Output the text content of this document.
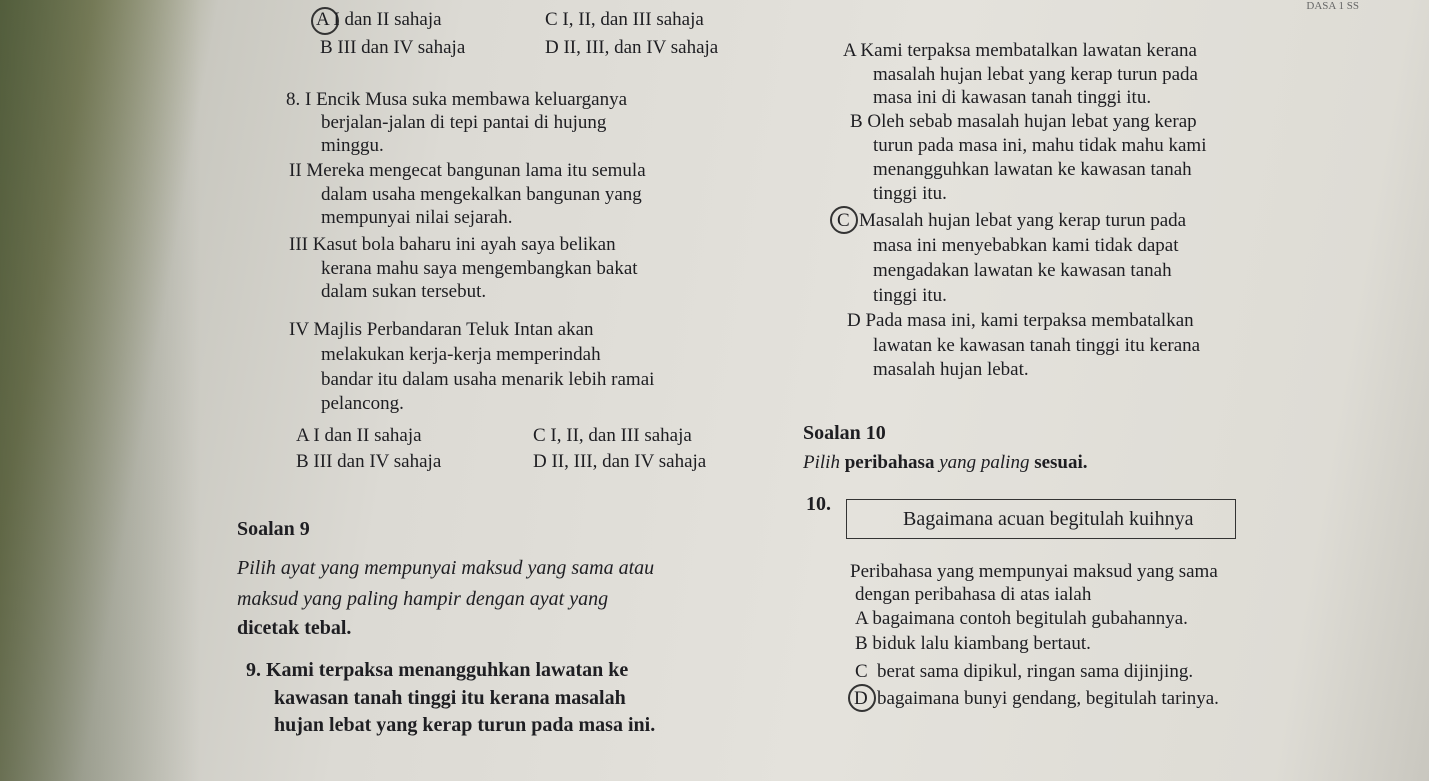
DASA 1 SS
A I dan II sahaja	C I, II, dan III sahaja
B III dan IV sahaja	D II, III, dan IV sahaja
8. I Encik Musa suka membawa keluarganya
berjalan-jalan di tepi pantai di hujung
minggu.
II Mereka mengecat bangunan lama itu semula
dalam usaha mengekalkan bangunan yang
mempunyai nilai sejarah.
III Kasut bola baharu ini ayah saya belikan
kerana mahu saya mengembangkan bakat
dalam sukan tersebut.
IV Majlis Perbandaran Teluk Intan akan
melakukan kerja-kerja memperindah
bandar itu dalam usaha menarik lebih ramai
pelancong.
A I dan II sahaja	C I, II, dan III sahaja
B III dan IV sahaja	D II, III, dan IV sahaja
Soalan 9
Pilih ayat yang mempunyai maksud yang sama atau
maksud yang paling hampir dengan ayat yang
dicetak tebal.
9. Kami terpaksa menangguhkan lawatan ke
kawasan tanah tinggi itu kerana masalah
hujan lebat yang kerap turun pada masa ini.
A Kami terpaksa membatalkan lawatan kerana
masalah hujan lebat yang kerap turun pada
masa ini di kawasan tanah tinggi itu.
B Oleh sebab masalah hujan lebat yang kerap
turun pada masa ini, mahu tidak mahu kami
menangguhkan lawatan ke kawasan tanah
tinggi itu.
C Masalah hujan lebat yang kerap turun pada
masa ini menyebabkan kami tidak dapat
mengadakan lawatan ke kawasan tanah
tinggi itu.
D Pada masa ini, kami terpaksa membatalkan
lawatan ke kawasan tanah tinggi itu kerana
masalah hujan lebat.
Soalan 10
Pilih peribahasa yang paling sesuai.
10.
Bagaimana acuan begitulah kuihnya
Peribahasa yang mempunyai maksud yang sama
dengan peribahasa di atas ialah
A bagaimana contoh begitulah gubahannya.
B biduk lalu kiambang bertaut.
C berat sama dipikul, ringan sama dijinjing.
D bagaimana bunyi gendang, begitulah tarinya.
